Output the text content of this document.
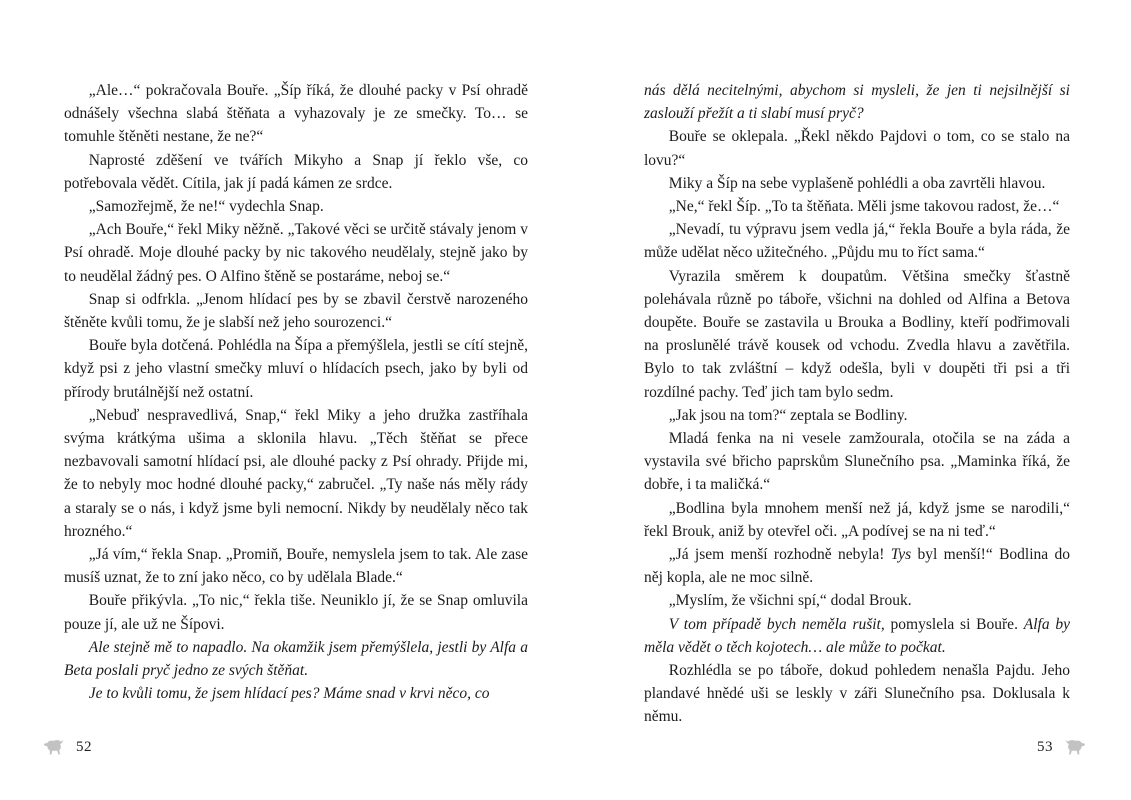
„Ale…“ pokračovala Bouře. „Šíp říká, že dlouhé packy v Psí ohradě odnášely všechna slabá štěňata a vyhazovaly je ze smečky. To… se tomuhle štěněti nestane, že ne?“

Naprosté zděšení ve tvářích Mikyho a Snap jí řeklo vše, co potřebovala vědět. Cítila, jak jí padá kámen ze srdce.

„Samozřejmě, že ne!“ vydechla Snap.

„Ach Bouře,“ řekl Miky něžně. „Takové věci se určitě stávaly jenom v Psí ohradě. Moje dlouhé packy by nic takového neudělaly, stejně jako by to neudělal žádný pes. O Alfino štěně se postaráme, neboj se.“

Snap si odfrkla. „Jenom hlídací pes by se zbavil čerstvě narozeného štěněte kvůli tomu, že je slabší než jeho sourozenci.“

Bouře byla dotčená. Pohlédla na Šípa a přemýšlela, jestli se cítí stejně, když psi z jeho vlastní smečky mluví o hlídacích psech, jako by byli od přírody brutálnější než ostatní.

„Nebuď nespravedlivá, Snap,“ řekl Miky a jeho družka zastříhala svýma krátkýma ušima a sklonila hlavu. „Těch štěňat se přece nezbavovali samotní hlídací psi, ale dlouhé packy z Psí ohrady. Přijde mi, že to nebyly moc hodné dlouhé packy,“ zabručel. „Ty naše nás měly rády a staraly se o nás, i když jsme byli nemocní. Nikdy by neudělaly něco tak hrozného.“

„Já vím,“ řekla Snap. „Promiň, Bouře, nemyslela jsem to tak. Ale zase musíš uznat, že to zní jako něco, co by udělala Blade.“

Bouře přikývla. „To nic,“ řekla tiše. Neuniklo jí, že se Snap omluvila pouze jí, ale už ne Šípovi.

Ale stejně mě to napadlo. Na okamžik jsem přemýšlela, jestli by Alfa a Beta poslali pryč jedno ze svých štěňat.

Je to kvůli tomu, že jsem hlídací pes? Máme snad v krvi něco, co

nás dělá necitelnými, abychom si mysleli, že jen ti nejsilnější si zaslouží přežít a ti slabí musí pryč?

Bouře se oklepala. „Řekl někdo Pajdovi o tom, co se stalo na lovu?“

Miky a Šíp na sebe vyplašeně pohlédli a oba zavrtěli hlavou.

„Ne,“ řekl Šíp. „To ta štěňata. Měli jsme takovou radost, že…“

„Nevadí, tu výpravu jsem vedla já,“ řekla Bouře a byla ráda, že může udělat něco užitečného. „Půjdu mu to říct sama.“

Vyrazila směrem k doupatům. Většina smečky šťastně polehávala různě po táboře, všichni na dohled od Alfina a Betova doupěte. Bouře se zastavila u Brouka a Bodliny, kteří podřimovali na proslunělé trávě kousek od vchodu. Zvedla hlavu a zavětřila. Bylo to tak zvláštní – když odešla, byli v doupěti tři psi a tři rozdílné pachy. Teď jich tam bylo sedm.

„Jak jsou na tom?“ zeptala se Bodliny.

Mladá fenka na ni vesele zamžourala, otočila se na záda a vystavila své břicho paprskům Slunečního psa. „Maminka říká, že dobře, i ta maličká.“

„Bodlina byla mnohem menší než já, když jsme se narodili,“ řekl Brouk, aniž by otevřel oči. „A podívej se na ni teď.“

„Já jsem menší rozhodně nebyla! Tys byl menší!“ Bodlina do něj kopla, ale ne moc silně.

„Myslím, že všichni spí,“ dodal Brouk.

V tom případě bych neměla rušit, pomyslela si Bouře. Alfa by měla vědět o těch kojotech… ale může to počkat.

Rozhlédla se po táboře, dokud pohledem nenašla Pajdu. Jeho plandavé hnědé uši se leskly v záři Slunečního psa. Doklusala k němu.

52	53
